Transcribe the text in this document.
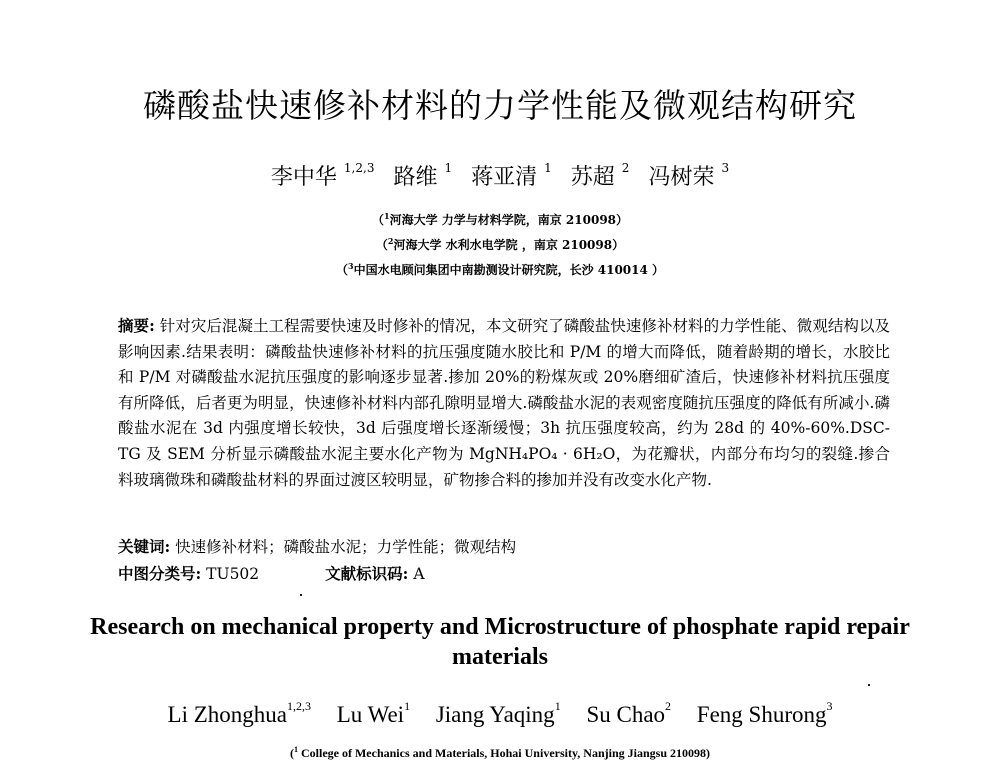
磷酸盐快速修补材料的力学性能及微观结构研究
李中华 $^{1,2,3}$ 路维 $^1$ 蒋亚清 $^1$ 苏超 $^2$ 冯树荣 $^3$
（$^1$河海大学 力学与材料学院，南京 210098）
（$^2$河海大学 水利水电学院 ，南京 210098）
（$^3$中国水电顾问集团中南勘测设计研究院，长沙 410014 ）
摘要: 针对灾后混凝土工程需要快速及时修补的情况，本文研究了磷酸盐快速修补材料的力学性能、微观结构以及影响因素.结果表明：磷酸盐快速修补材料的抗压强度随水胶比和 P/M 的增大而降低，随着龄期的增长，水胶比和 P/M 对磷酸盐水泥抗压强度的影响逐步显著.掺加 20%的粉煤灰或 20%磨细矿渣后，快速修补材料抗压强度有所降低，后者更为明显，快速修补材料内部孔隙明显增大.磷酸盐水泥的表观密度随抗压强度的降低有所减小.磷酸盐水泥在 3d 内强度增长较快，3d 后强度增长逐渐缓慢；3h 抗压强度较高，约为 28d 的 40%-60%.DSC-TG 及 SEM 分析显示磷酸盐水泥主要水化产物为 MgNH₄PO₄ · 6H₂O，为花瓣状，内部分布均匀的裂缝.掺合料玻璃微珠和磷酸盐材料的界面过渡区较明显，矿物掺合料的掺加并没有改变水化产物.
关键词: 快速修补材料；磷酸盐水泥；力学性能；微观结构
中图分类号: TU502	文献标识码: A
Research on mechanical property and Microstructure of phosphate rapid repair materials
Li Zhonghua$^{1,2,3}$ Lu Wei$^1$ Jiang Yaqing$^1$ Su Chao$^2$ Feng Shurong$^3$
($^1$ College of Mechanics and Materials, Hohai University, Nanjing Jiangsu 210098)
